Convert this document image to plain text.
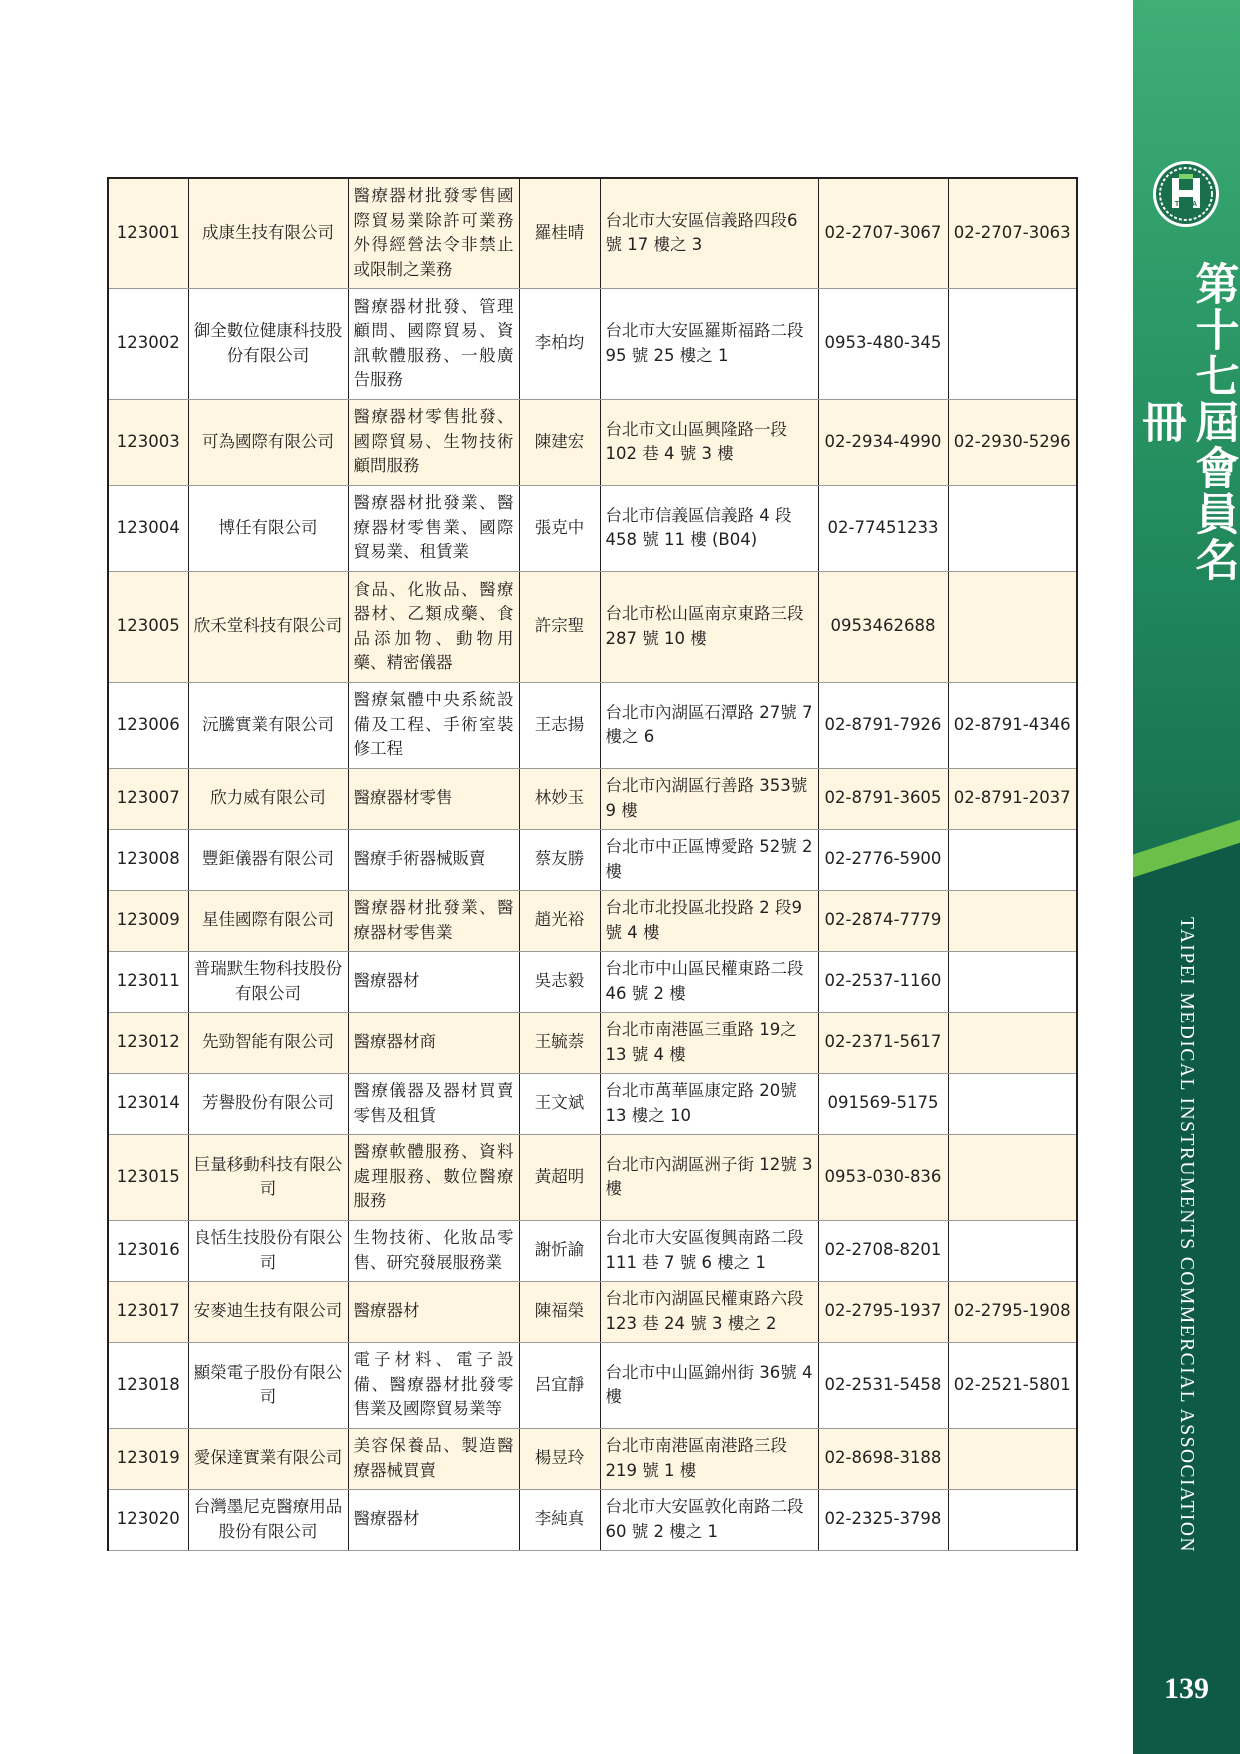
TMICA
第十七屆會員名冊
TAIPEI MEDICAL INSTRUMENTS COMMERCIAL ASSOCIATION
139
123001	成康生技有限公司	醫療器材批發零售國際貿易業除許可業務外得經營法令非禁止或限制之業務	羅桂晴	台北市大安區信義路四段6 號 17 樓之 3	02-2707-3067	02-2707-3063
123002	御全數位健康科技股份有限公司	醫療器材批發、管理顧問、國際貿易、資訊軟體服務、一般廣告服務	李柏均	台北市大安區羅斯福路二段 95 號 25 樓之 1	0953-480-345	
123003	可為國際有限公司	醫療器材零售批發、國際貿易、生物技術顧問服務	陳建宏	台北市文山區興隆路一段102 巷 4 號 3 樓	02-2934-4990	02-2930-5296
123004	博任有限公司	醫療器材批發業、醫療器材零售業、國際貿易業、租賃業	張克中	台北市信義區信義路 4 段458 號 11 樓 (B04)	02-77451233	
123005	欣禾堂科技有限公司	食品、化妝品、醫療器材、乙類成藥、食品添加物、動物用藥、精密儀器	許宗聖	台北市松山區南京東路三段 287 號 10 樓	0953462688	
123006	沅騰實業有限公司	醫療氣體中央系統設備及工程、手術室裝修工程	王志揚	台北市內湖區石潭路 27號 7 樓之 6	02-8791-7926	02-8791-4346
123007	欣力威有限公司	醫療器材零售	林妙玉	台北市內湖區行善路 353號 9 樓	02-8791-3605	02-8791-2037
123008	豐鉅儀器有限公司	醫療手術器械販賣	蔡友勝	台北市中正區博愛路 52號 2 樓	02-2776-5900	
123009	星佳國際有限公司	醫療器材批發業、醫療器材零售業	趙光裕	台北市北投區北投路 2 段9 號 4 樓	02-2874-7779	
123011	普瑞默生物科技股份有限公司	醫療器材	吳志毅	台北市中山區民權東路二段 46 號 2 樓	02-2537-1160	
123012	先勁智能有限公司	醫療器材商	王毓萘	台北市南港區三重路 19之 13 號 4 樓	02-2371-5617	
123014	芳譽股份有限公司	醫療儀器及器材買賣零售及租賃	王文斌	台北市萬華區康定路 20號 13 樓之 10	091569-5175	
123015	巨量移動科技有限公司	醫療軟體服務、資料處理服務、數位醫療服務	黃超明	台北市內湖區洲子街 12號 3 樓	0953-030-836	
123016	良恬生技股份有限公司	生物技術、化妝品零售、研究發展服務業	謝忻諭	台北市大安區復興南路二段 111 巷 7 號 6 樓之 1	02-2708-8201	
123017	安麥迪生技有限公司	醫療器材	陳福榮	台北市內湖區民權東路六段 123 巷 24 號 3 樓之 2	02-2795-1937	02-2795-1908
123018	顯榮電子股份有限公司	電子材料、電子設備、醫療器材批發零售業及國際貿易業等	呂宜靜	台北市中山區錦州街 36號 4 樓	02-2531-5458	02-2521-5801
123019	愛保達實業有限公司	美容保養品、製造醫療器械買賣	楊昱玲	台北市南港區南港路三段219 號 1 樓	02-8698-3188	
123020	台灣墨尼克醫療用品股份有限公司	醫療器材	李純真	台北市大安區敦化南路二段 60 號 2 樓之 1	02-2325-3798	
